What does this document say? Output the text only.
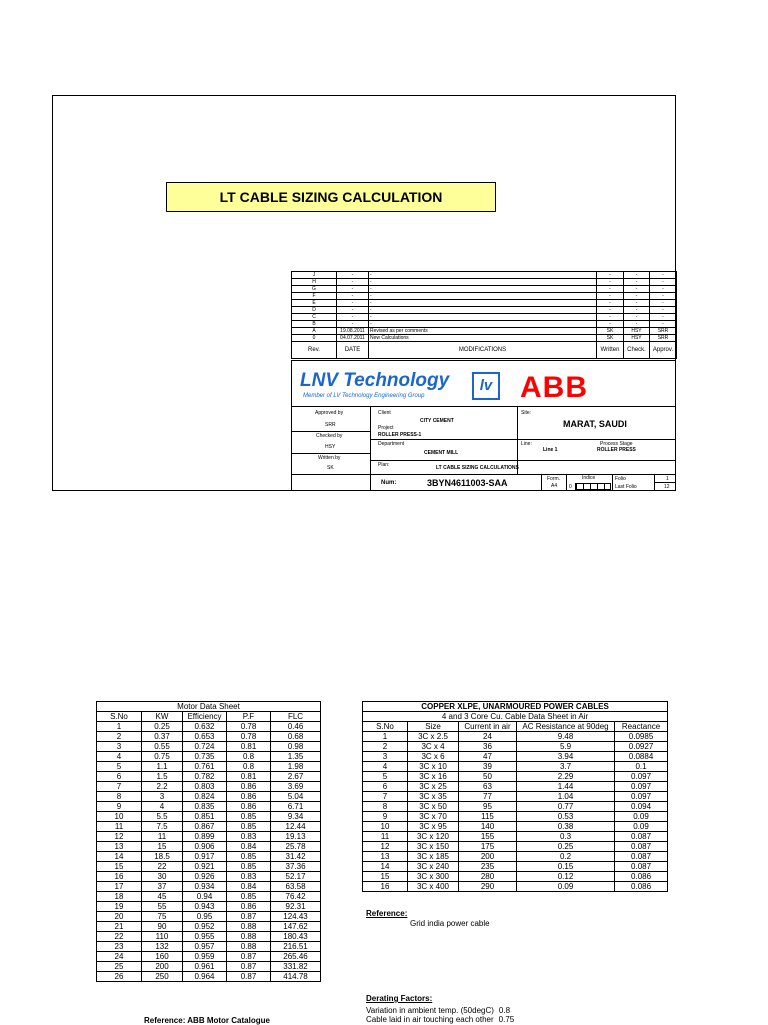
LT CABLE SIZING CALCULATION
J	-	-	-	-	-
H	-	-	-	-	-
G	-	-	-	-	-
F	-	-	-	-	-
E	-	-	-	-	-
D	-	-	-	-	-
C	-	-	-	-	-
B	-	-	-	-	-
A	19.08.2011	Revised as per comments	SK	HSY	SRR
0	04.07.2011	New Calculations	SK	HSY	SRR
Rev.	DATE	MODIFICATIONS	Written	Check.	Approv.
LNV Technology
Member of LV Technology Engineering Group
lv ABB
Approved by
SRR
Checked by
HSY
Written by
SK
Client
CITY CEMENT
Project
ROLLER PRESS-1
Department
CEMENT MILL
Site:
MARAT, SAUDI
Line:
Line 1
Process Stage
ROLLER PRESS
Plan:	LT CABLE SIZING CALCULATIONS
Num:	3BYN4611003-SAA	Form.
A4
Indice
0
Folio
Last Folio
1
12
Motor Data Sheet				
S.No	KW	Efficiency	P.F	FLC
1	0.25	0.632	0.78	0.46
2	0.37	0.653	0.78	0.68
3	0.55	0.724	0.81	0.98
4	0.75	0.735	0.8	1.35
5	1.1	0.761	0.8	1.98
6	1.5	0.782	0.81	2.67
7	2.2	0.803	0.86	3.69
8	3	0.824	0.86	5.04
9	4	0.835	0.86	6.71
10	5.5	0.851	0.85	9.34
11	7.5	0.867	0.85	12.44
12	11	0.899	0.83	19.13
13	15	0.906	0.84	25.78
14	18.5	0.917	0.85	31.42
15	22	0.921	0.85	37.36
16	30	0.926	0.83	52.17
17	37	0.934	0.84	63.58
18	45	0.94	0.85	76.42
19	55	0.943	0.86	92.31
20	75	0.95	0.87	124.43
21	90	0.952	0.88	147.62
22	110	0.955	0.88	180.43
23	132	0.957	0.88	216.51
24	160	0.959	0.87	265.46
25	200	0.961	0.87	331.82
26	250	0.964	0.87	414.78
Reference: ABB Motor Catalogue
COPPER XLPE, UNARMOURED POWER CABLES				
4 and 3 Core Cu. Cable Data Sheet in Air				
S.No	Size	Current in air	AC Resistance at 90deg	Reactance
1	3C x 2.5	24	9.48	0.0985
2	3C x 4	36	5.9	0.0927
3	3C x 6	47	3.94	0.0884
4	3C x 10	39	3.7	0.1
5	3C x 16	50	2.29	0.097
6	3C x 25	63	1.44	0.097
7	3C x 35	77	1.04	0.097
8	3C x 50	95	0.77	0.094
9	3C x 70	115	0.53	0.09
10	3C x 95	140	0.38	0.09
11	3C x 120	155	0.3	0.087
12	3C x 150	175	0.25	0.087
13	3C x 185	200	0.2	0.087
14	3C x 240	235	0.15	0.087
15	3C x 300	280	0.12	0.086
16	3C x 400	290	0.09	0.086
Reference:
Grid india power cable
Derating Factors:
Variation in ambient temp. (50degC) 0.8
Cable laid in air touching each other 0.75
